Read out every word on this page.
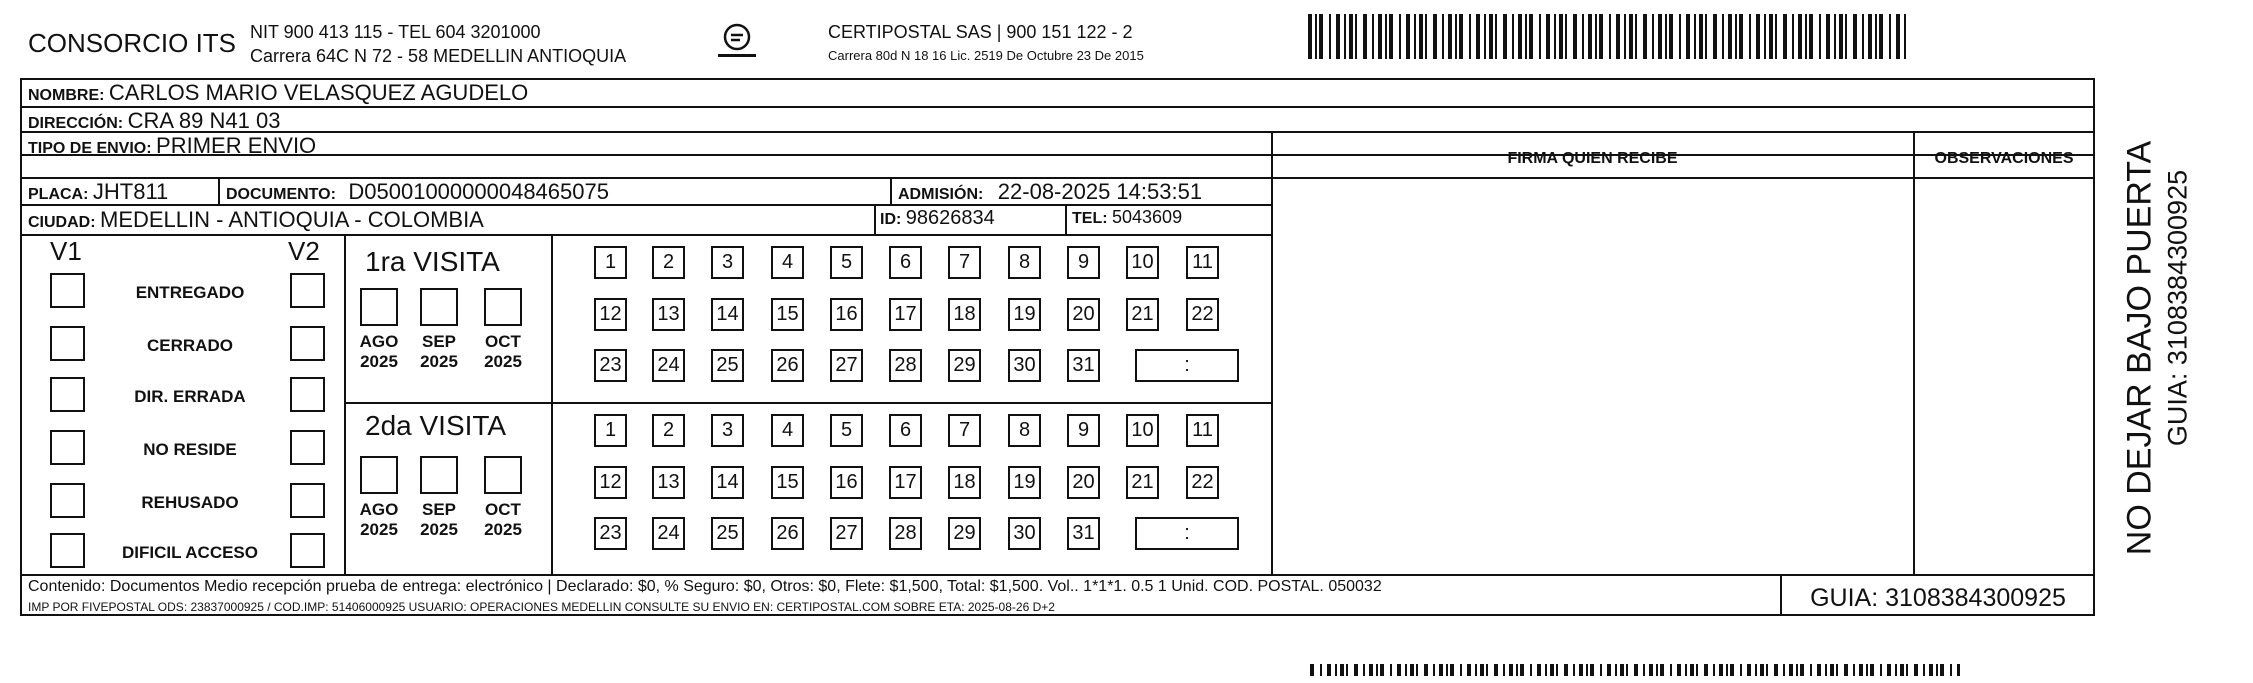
CONSORCIO ITS NIT 900 413 115 - TEL 604 3201000
Carrera 64C N 72 - 58 MEDELLIN ANTIOQUIA
CERTIPOSTAL SAS | 900 151 122 - 2
Carrera 80d N 18 16 Lic. 2519 De Octubre 23 De 2015
NOMBRE: CARLOS MARIO VELASQUEZ AGUDELO
DIRECCIÓN: CRA 89 N41 03
TIPO DE ENVIO: PRIMER ENVIO
FIRMA QUIEN RECIBE	OBSERVACIONES
PLACA: JHT811	DOCUMENTO: D05001000000048465075	ADMISIÓN: 22-08-2025 14:53:51
CIUDAD: MEDELLIN - ANTIOQUIA - COLOMBIA	ID: 98626834	TEL: 5043609
V1	V2 1ra VISITA
2da VISITA	NO DEJAR BAJO PUERTA GUIA: 3108384300925
Contenido: Documentos Medio recepción prueba de entrega: electrónico | Declarado: $0, % Seguro: $0, Otros: $0, Flete: $1,500, Total: $1,500. Vol.. 1*1*1. 0.5 1 Unid. COD. POSTAL. 050032
IMP POR FIVEPOSTAL ODS: 23837000925 / COD.IMP: 51406000925 USUARIO: OPERACIONES MEDELLIN CONSULTE SU ENVIO EN: CERTIPOSTAL.COM SOBRE ETA: 2025-08-26 D+2	GUIA: 3108384300925
ENTREGADO
CERRADO
DIR. ERRADA
NO RESIDE
REHUSADO
DIFICIL ACCESO
AGO
2025
SEP
2025
OCT
2025
1	2	3	4	5	6	7	8	9	10	11
12 13 14 15 16 17 18 19 20 21 22
23 24 25 26 27 28 29 30 31	:
AGO
2025
SEP
2025
OCT
2025
1	2	3	4	5	6	7	8	9	10	11
12 13 14 15 16 17 18 19 20 21 22
23 24 25 26 27 28 29 30 31	:
